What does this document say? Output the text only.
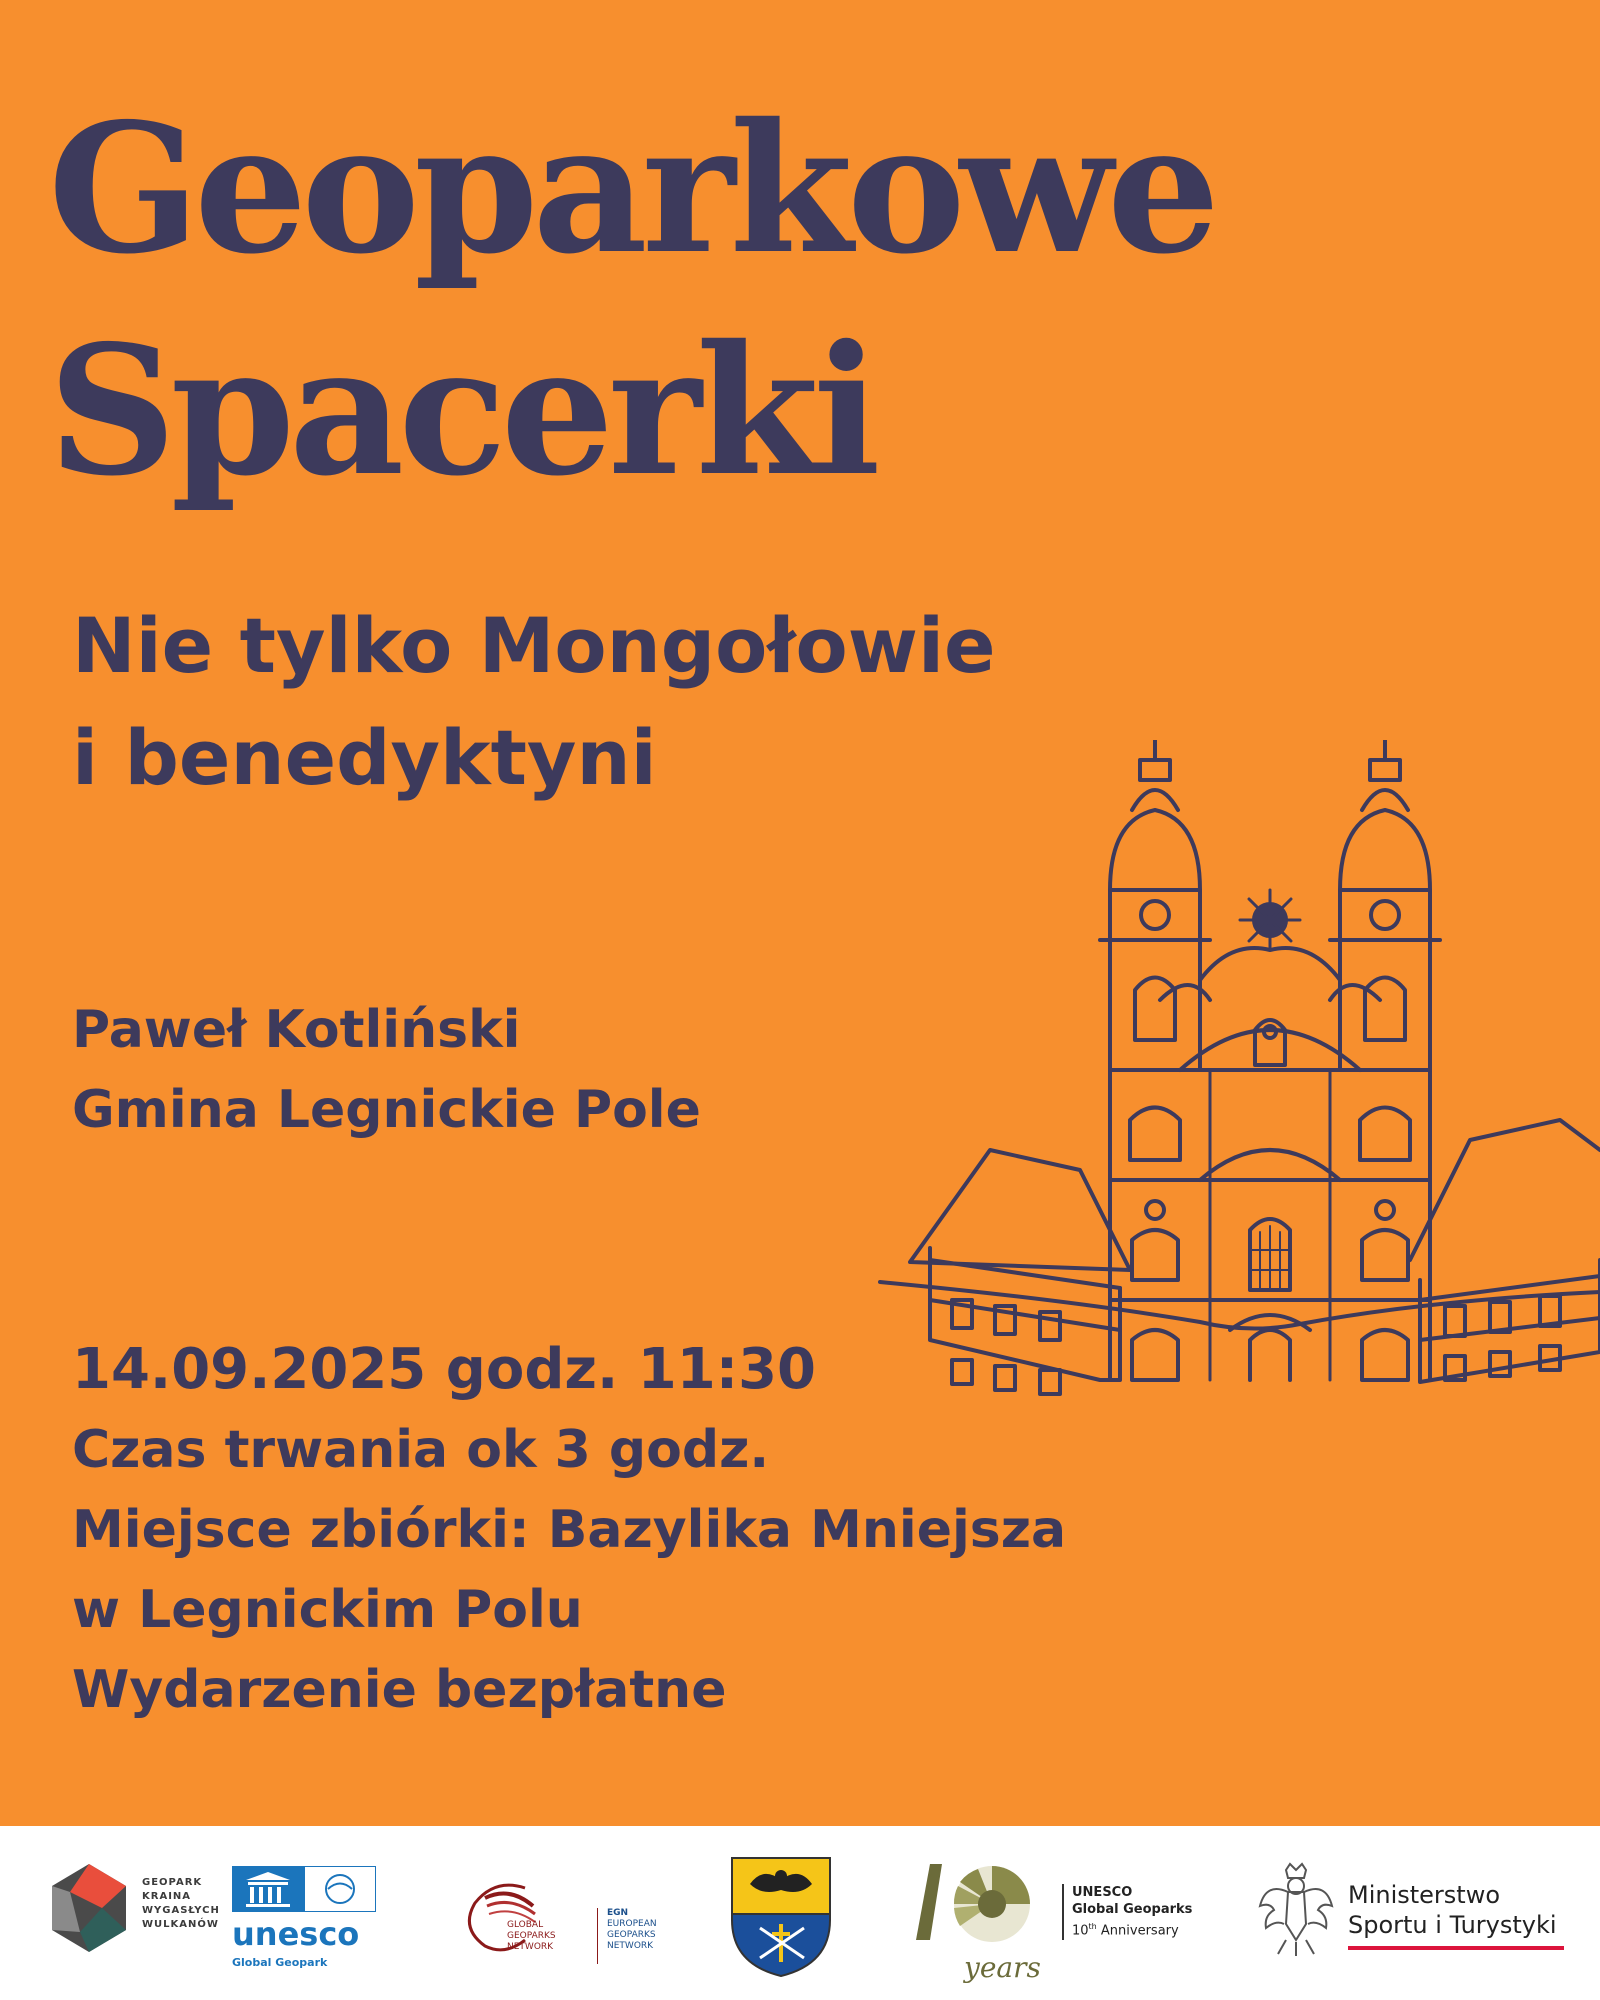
Geoparkowe
Spacerki
Nie tylko Mongołowie
i benedyktyni
Paweł Kotliński
Gmina Legnickie Pole
14.09.2025 godz. 11:30
Czas trwania ok 3 godz.
Miejsce zbiórki: Bazylika Mniejsza
w Legnickim Polu
Wydarzenie bezpłatne
GEOPARK
KRAINA
WYGASŁYCH
WULKANÓW unesco
Global Geopark
GLOBAL
GEOPARKS
NETWORK
EGN
EUROPEAN
GEOPARKS
NETWORK
years
UNESCO
Global Geoparks
10th Anniversary
Ministerstwo
Sportu i Turystyki
